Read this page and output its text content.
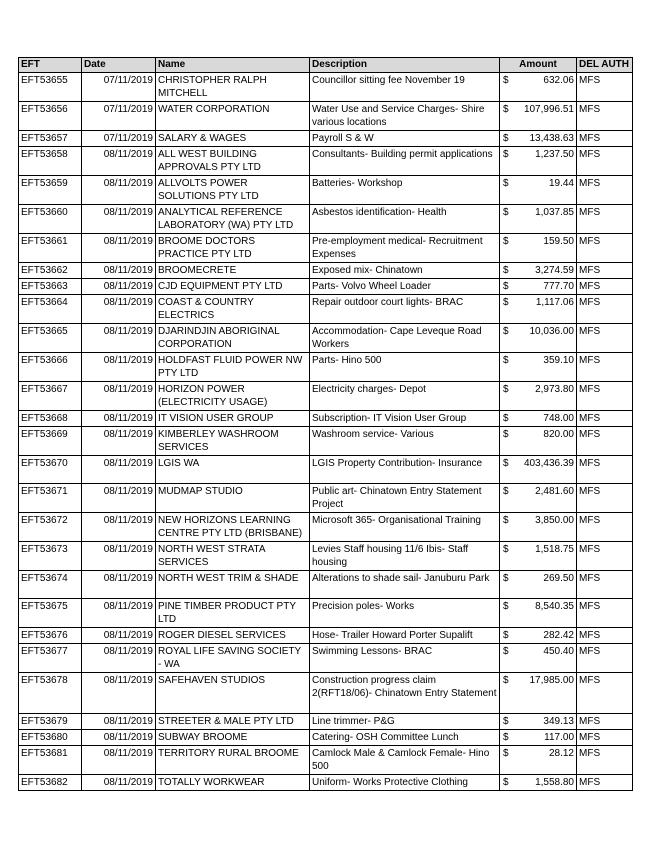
EFT	Date	Name	Description	Amount	DEL AUTH
EFT53655	07/11/2019	CHRISTOPHER RALPH MITCHELL	Councillor sitting fee November 19	$ 632.06	MFS
EFT53656	07/11/2019	WATER CORPORATION	Water Use and Service Charges- Shire various locations	$ 107,996.51	MFS
EFT53657	07/11/2019	SALARY & WAGES	Payroll S & W	$ 13,438.63	MFS
EFT53658	08/11/2019	ALL WEST BUILDING APPROVALS PTY LTD	Consultants- Building permit applications	$ 1,237.50	MFS
EFT53659	08/11/2019	ALLVOLTS POWER SOLUTIONS PTY LTD	Batteries- Workshop	$ 19.44	MFS
EFT53660	08/11/2019	ANALYTICAL REFERENCE LABORATORY (WA) PTY LTD	Asbestos identification- Health	$ 1,037.85	MFS
EFT53661	08/11/2019	BROOME DOCTORS PRACTICE PTY LTD	Pre-employment medical- Recruitment Expenses	$ 159.50	MFS
EFT53662	08/11/2019	BROOMECRETE	Exposed mix- Chinatown	$ 3,274.59	MFS
EFT53663	08/11/2019	CJD EQUIPMENT PTY LTD	Parts- Volvo Wheel Loader	$ 777.70	MFS
EFT53664	08/11/2019	COAST & COUNTRY ELECTRICS	Repair outdoor court lights- BRAC	$ 1,117.06	MFS
EFT53665	08/11/2019	DJARINDJIN ABORIGINAL CORPORATION	Accommodation- Cape Leveque Road Workers	$ 10,036.00	MFS
EFT53666	08/11/2019	HOLDFAST FLUID POWER NW PTY LTD	Parts- Hino 500	$ 359.10	MFS
EFT53667	08/11/2019	HORIZON POWER (ELECTRICITY USAGE)	Electricity charges- Depot	$ 2,973.80	MFS
EFT53668	08/11/2019	IT VISION USER GROUP	Subscription- IT Vision User Group	$ 748.00	MFS
EFT53669	08/11/2019	KIMBERLEY WASHROOM SERVICES	Washroom service- Various	$ 820.00	MFS
EFT53670	08/11/2019	LGIS WA	LGIS Property Contribution- Insurance	$ 403,436.39	MFS
EFT53671	08/11/2019	MUDMAP STUDIO	Public art- Chinatown Entry Statement Project	$ 2,481.60	MFS
EFT53672	08/11/2019	NEW HORIZONS LEARNING CENTRE PTY LTD (BRISBANE)	Microsoft 365- Organisational Training	$ 3,850.00	MFS
EFT53673	08/11/2019	NORTH WEST STRATA SERVICES	Levies Staff housing 11/6 Ibis- Staff housing	$ 1,518.75	MFS
EFT53674	08/11/2019	NORTH WEST TRIM & SHADE	Alterations to shade sail- Januburu Park	$ 269.50	MFS
EFT53675	08/11/2019	PINE TIMBER PRODUCT PTY LTD	Precision poles- Works	$ 8,540.35	MFS
EFT53676	08/11/2019	ROGER DIESEL SERVICES	Hose- Trailer Howard Porter Supalift	$ 282.42	MFS
EFT53677	08/11/2019	ROYAL LIFE SAVING SOCIETY - WA	Swimming Lessons- BRAC	$ 450.40	MFS
EFT53678	08/11/2019	SAFEHAVEN STUDIOS	Construction progress claim 2(RFT18/06)- Chinatown Entry Statement	$ 17,985.00	MFS
EFT53679	08/11/2019	STREETER & MALE PTY LTD	Line trimmer- P&G	$ 349.13	MFS
EFT53680	08/11/2019	SUBWAY BROOME	Catering- OSH Committee Lunch	$ 117.00	MFS
EFT53681	08/11/2019	TERRITORY RURAL BROOME	Camlock Male & Camlock Female- Hino 500	$ 28.12	MFS
EFT53682	08/11/2019	TOTALLY WORKWEAR	Uniform- Works Protective Clothing	$ 1,558.80	MFS
